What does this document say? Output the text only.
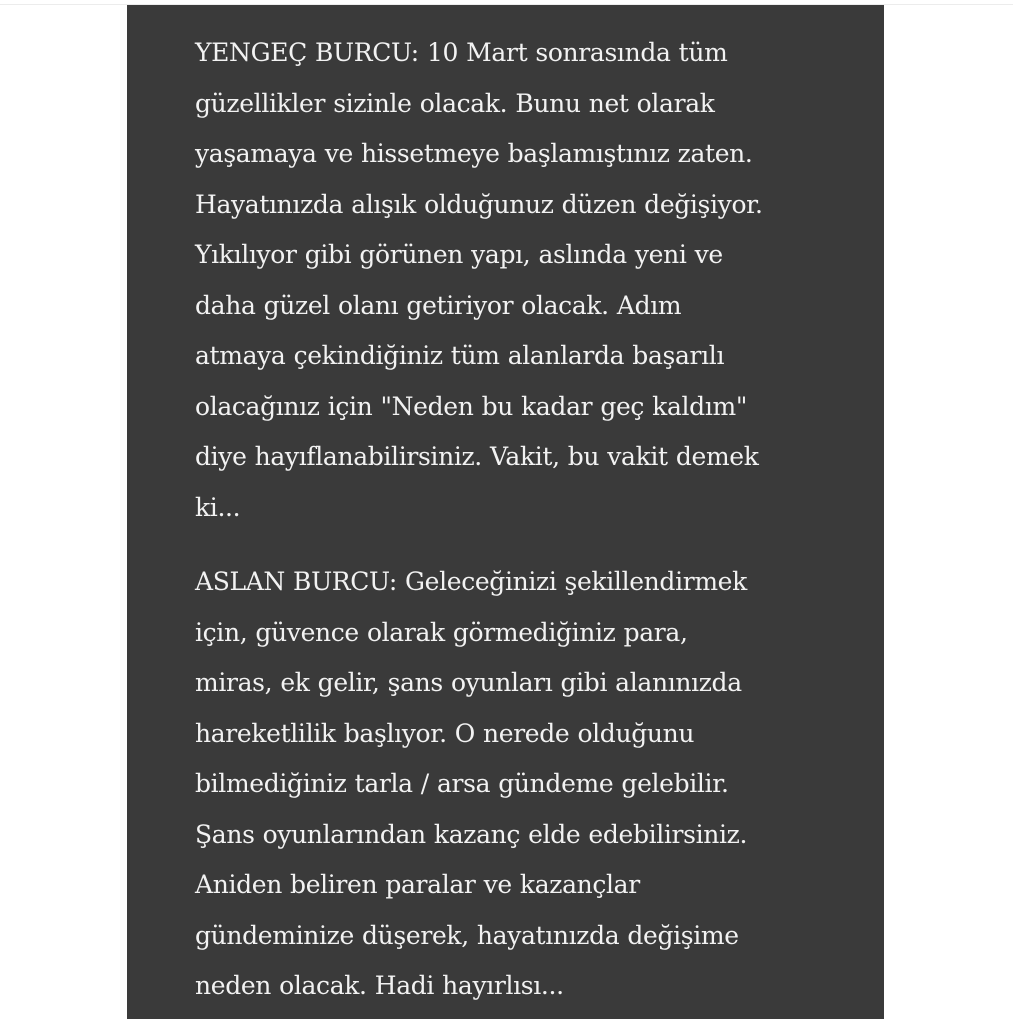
YENGEÇ BURCU: 10 Mart sonrasında tüm
güzellikler sizinle olacak. Bunu net olarak
yaşamaya ve hissetmeye başlamıştınız zaten.
Hayatınızda alışık olduğunuz düzen değişiyor.
Yıkılıyor gibi görünen yapı, aslında yeni ve
daha güzel olanı getiriyor olacak. Adım
atmaya çekindiğiniz tüm alanlarda başarılı
olacağınız için "Neden bu kadar geç kaldım"
diye hayıflanabilirsiniz. Vakit, bu vakit demek
ki...
ASLAN BURCU: Geleceğinizi şekillendirmek
için, güvence olarak görmediğiniz para,
miras, ek gelir, şans oyunları gibi alanınızda
hareketlilik başlıyor. O nerede olduğunu
bilmediğiniz tarla / arsa gündeme gelebilir.
Şans oyunlarından kazanç elde edebilirsiniz.
Aniden beliren paralar ve kazançlar
gündeminize düşerek, hayatınızda değişime
neden olacak. Hadi hayırlısı...
